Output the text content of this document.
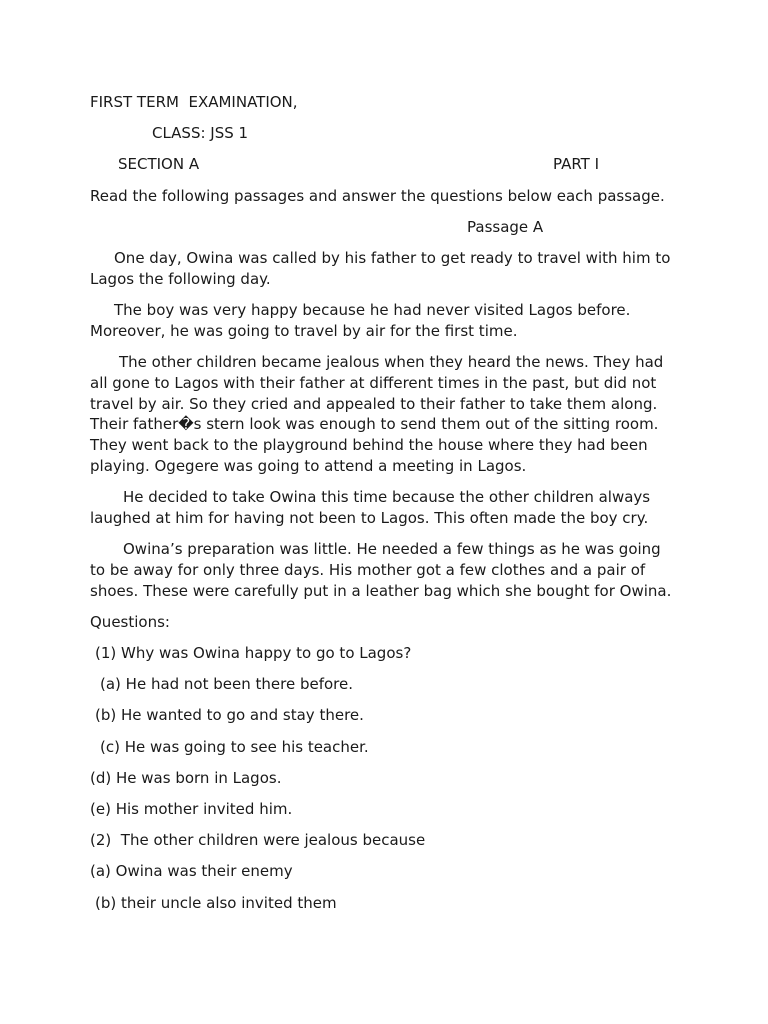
FIRST TERM  EXAMINATION,
CLASS: JSS 1
SECTION A	PART I
Read the following passages and answer the questions below each passage.
Passage A
One day, Owina was called by his father to get ready to travel with him to Lagos the following day.
The boy was very happy because he had never visited Lagos before. Moreover, he was going to travel by air for the first time.
The other children became jealous when they heard the news. They had all gone to Lagos with their father at different times in the past, but did not travel by air. So they cried and appealed to their father to take them along. Their father�s stern look was enough to send them out of the sitting room. They went back to the playground behind the house where they had been playing. Ogegere was going to attend a meeting in Lagos.
He decided to take Owina this time because the other children always laughed at him for having not been to Lagos. This often made the boy cry.
Owina’s preparation was little. He needed a few things as he was going to be away for only three days. His mother got a few clothes and a pair of shoes. These were carefully put in a leather bag which she bought for Owina.
Questions:
(1) Why was Owina happy to go to Lagos?
(a) He had not been there before.
(b) He wanted to go and stay there.
(c) He was going to see his teacher.
(d) He was born in Lagos.
(e) His mother invited him.
(2)  The other children were jealous because
(a) Owina was their enemy
(b) their uncle also invited them
